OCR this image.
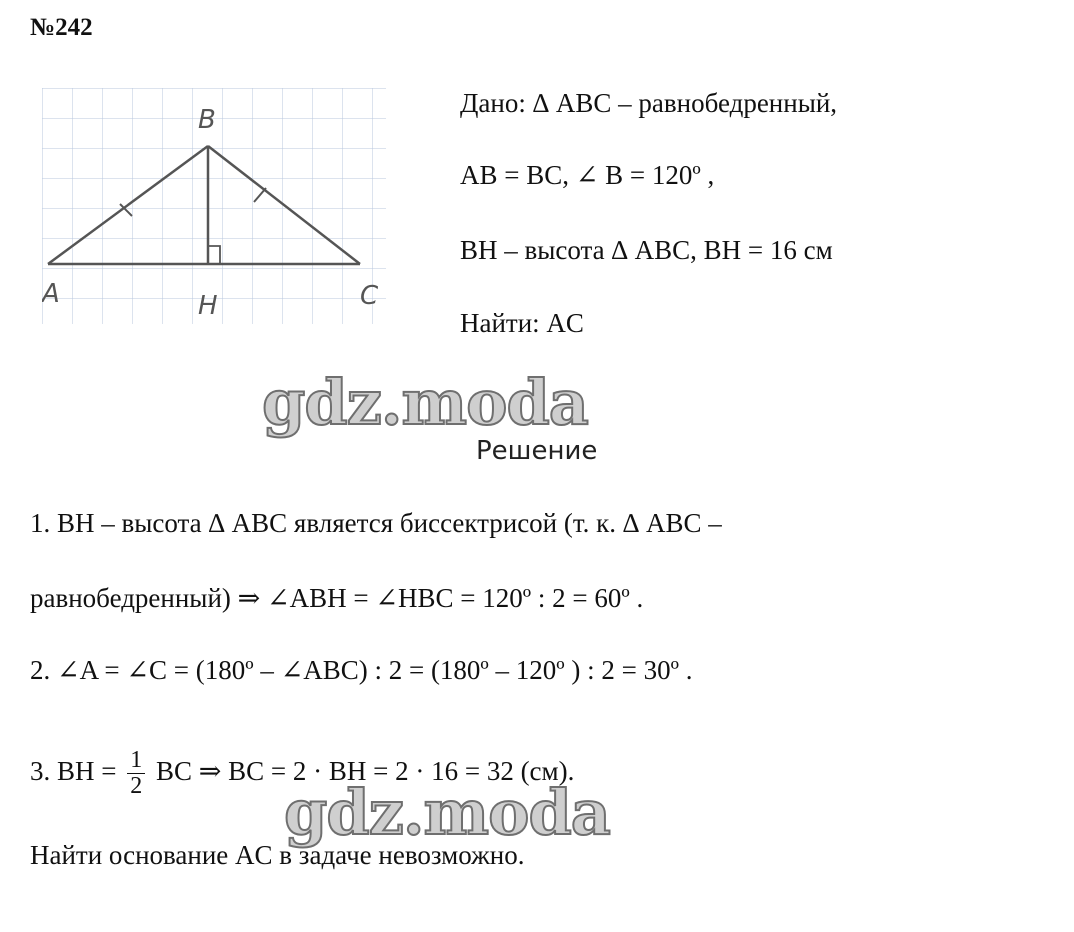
№242
A
B
C
H
Дано: ∆ ABC – равнобедренный,
AB = BC, ∠ B = 120º ,
BH – высота ∆ ABC, BH = 16 см
Найти: AC
gdz.moda
Решение
1. BH – высота ∆ ABC является биссектрисой (т. к. ∆ ABC –
равнобедренный) ⇒ ∠ABH = ∠HBC = 120º : 2 = 60º .
2. ∠A = ∠C = (180º – ∠ABC) : 2 = (180º – 120º ) : 2 = 30º .
3. BH = $\frac{1}{2}$ BC ⇒ BC = 2 · BH = 2 · 16 = 32 (см).
gdz.moda
Найти основание AC в задаче невозможно.
